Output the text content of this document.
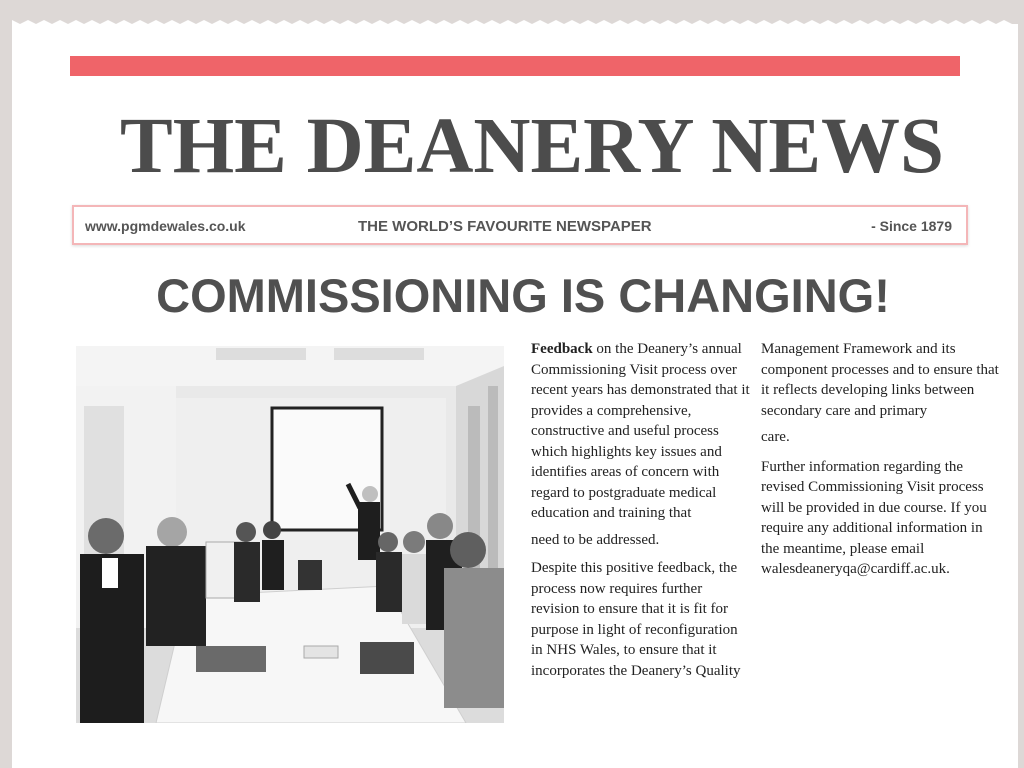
THE DEANERY NEWS
www.pgmdewales.co.uk	THE WORLD’S FAVOURITE NEWSPAPER	- Since 1879
COMMISSIONING IS CHANGING!

Feedback on the Deanery’s annual Commissioning Visit process over recent years has demonstrated that it provides a comprehensive, constructive and useful process which highlights key issues and identifies areas of concern with regard to postgraduate medical education and training that

need to be addressed.

Despite this positive feedback, the process now requires further revision to ensure that it is fit for purpose in light of reconfiguration in NHS Wales, to ensure that it incorporates the Deanery’s Quality

Management Framework and its component processes and to ensure that it reflects developing links between secondary care and primary

care.

Further information regarding the revised Commissioning Visit process will be provided in due course. If you require any additional information in the meantime, please email walesdeaneryqa@cardiff.ac.uk.
